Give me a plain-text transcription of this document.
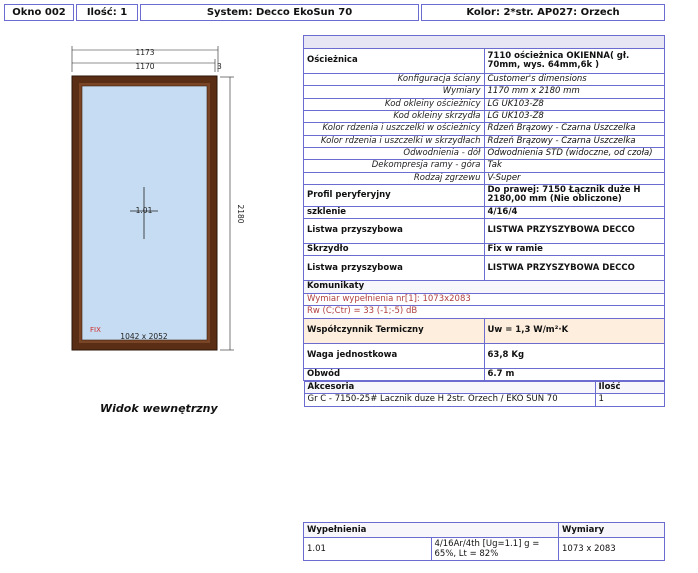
Okno 002	Ilość: 1	System: Decco EkoSun 70	Kolor: 2*str. AP027: Orzech
1173
1170	3
2180
1.01
FIX
1042 x 2052
Widok wewnętrzny

Ościeżnica	7110 ościeżnica OKIENNA( gł. 70mm, wys. 64mm,6k )
Konfiguracja ściany	Customer's dimensions
Wymiary	1170 mm x 2180 mm
Kod okleiny ościeżnicy	LG UK103-Z8
Kod okleiny skrzydła	LG UK103-Z8
Kolor rdzenia i uszczelki w ościeżnicy	Rdzeń Brązowy - Czarna Uszczelka
Kolor rdzenia i uszczelki w skrzydłach	Rdzeń Brązowy - Czarna Uszczelka
Odwodnienia - dół	Odwodnienia STD (widoczne, od czoła)
Dekompresja ramy - góra	Tak
Rodzaj zgrzewu	V-Super
Profil peryferyjny	Do prawej: 7150 Łącznik duże H 2180,00 mm (Nie obliczone)
szklenie	4/16/4
Listwa przyszybowa	LISTWA PRZYSZYBOWA DECCO
Skrzydło	Fix w ramie
Listwa przyszybowa	LISTWA PRZYSZYBOWA DECCO
Komunikaty
Wymiar wypełnienia nr[1]: 1073x2083
Rw (C;Ctr) = 33 (-1;-5) dB
Współczynnik Termiczny	Uw = 1,3 W/m²·K
Waga jednostkowa	63,8 Kg
Obwód	6.7 m

Akcesoria	Ilość
Gr C - 7150-25# Lacznik duze H 2str. Orzech / EKO SUN 70	1
Wypełnienia		Wymiary
1.01	4/16Ar/4th [Ug=1.1] g = 65%, Lt = 82%	1073 x 2083
